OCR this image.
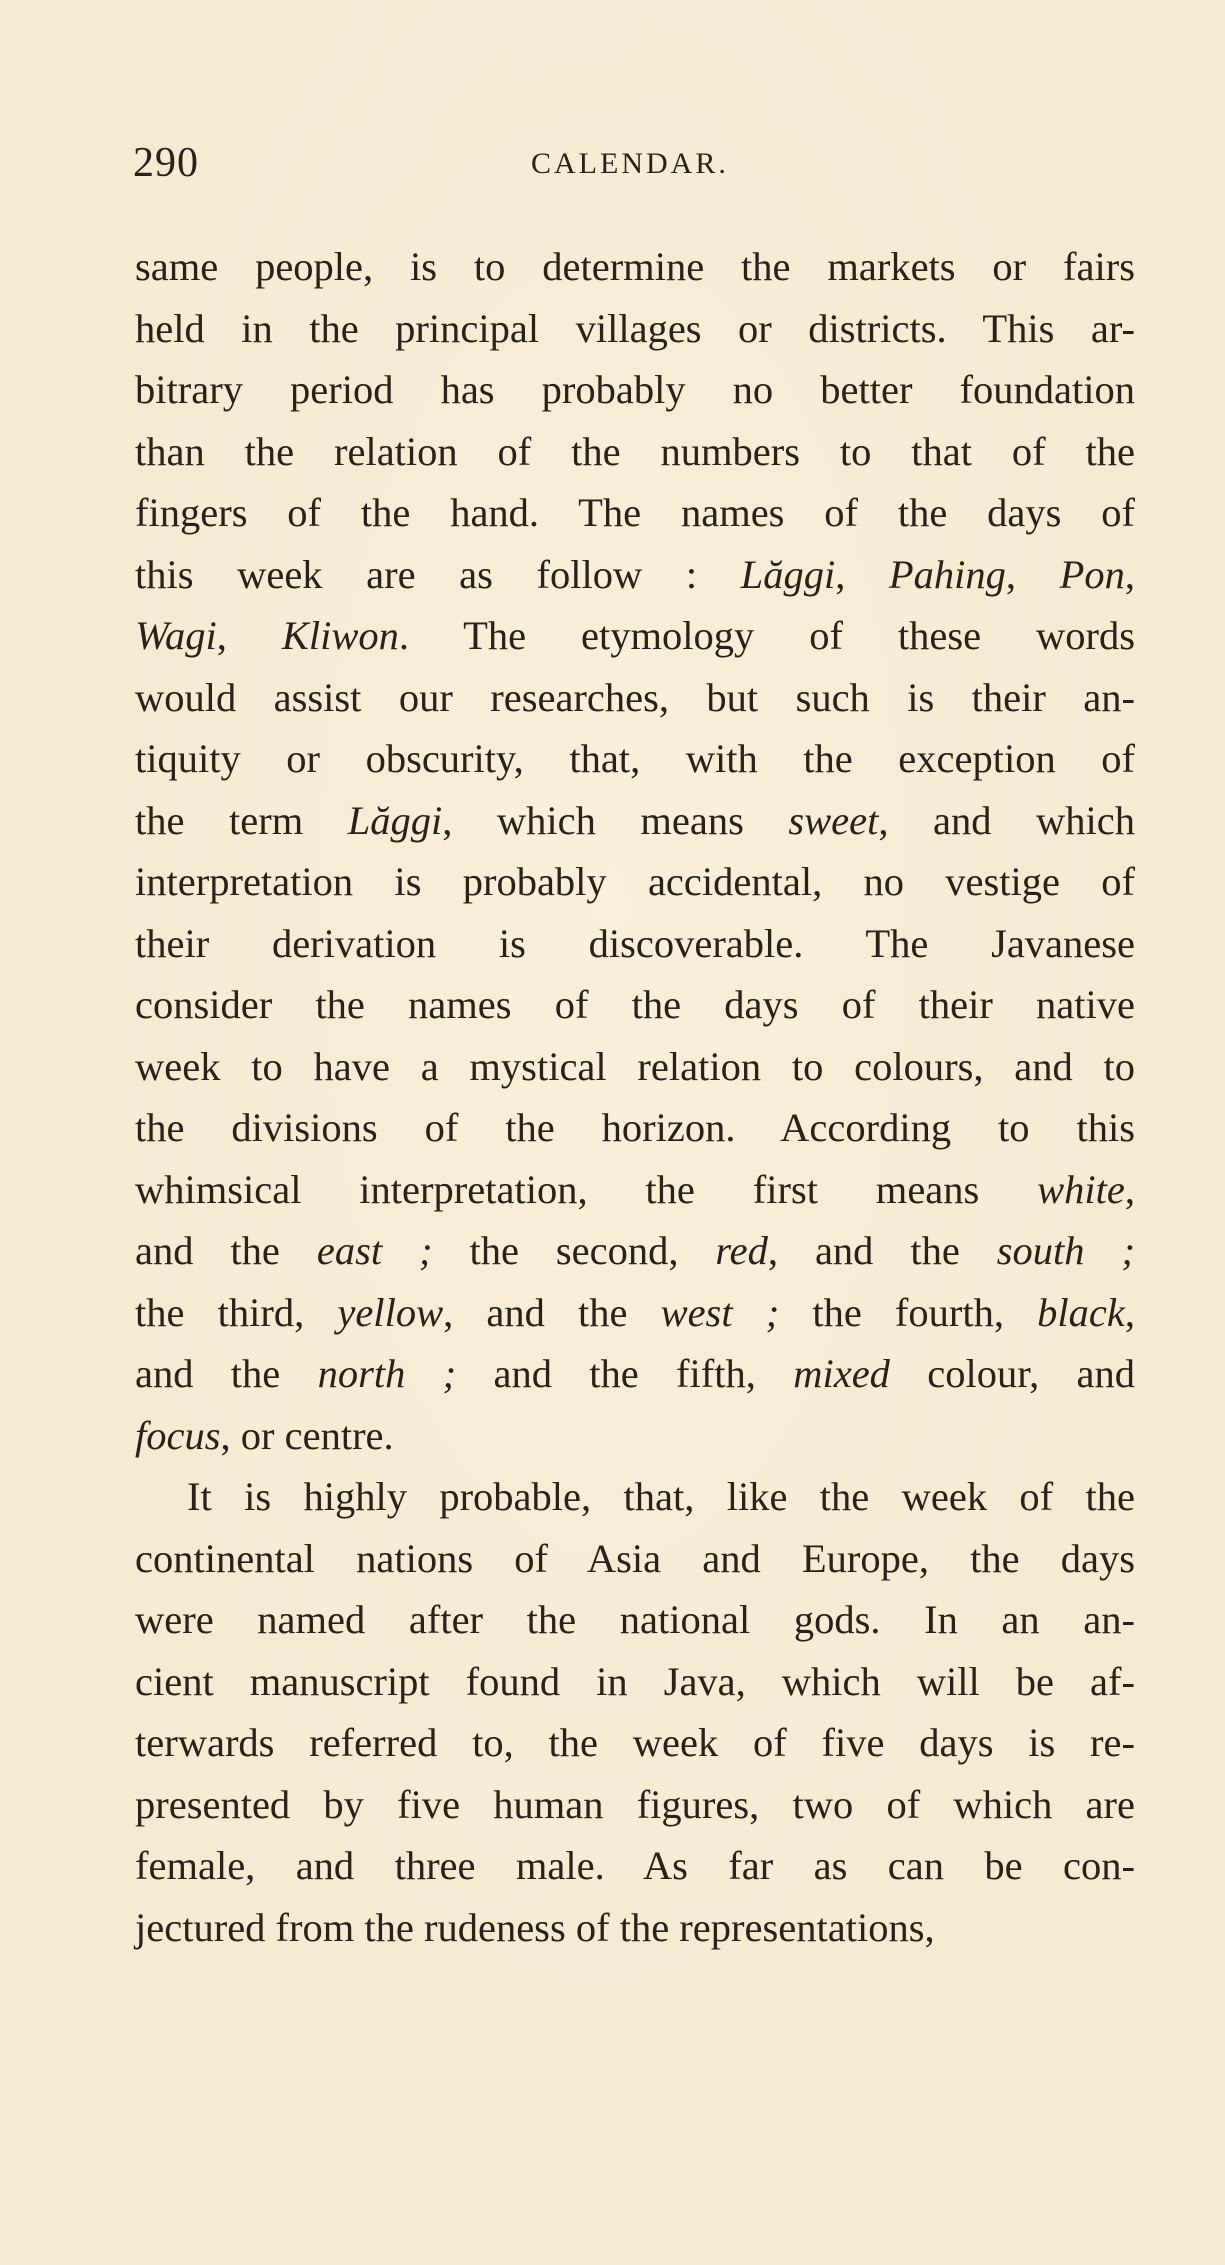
290	CALENDAR.
same people, is to determine the markets or fairs
held in the principal villages or districts. This ar-
bitrary period has probably no better foundation
than the relation of the numbers to that of the
fingers of the hand. The names of the days of
this week are as follow : Lăggi, Pahing, Pon,
Wagi, Kliwon. The etymology of these words
would assist our researches, but such is their an-
tiquity or obscurity, that, with the exception of
the term Lăggi, which means sweet, and which
interpretation is probably accidental, no vestige of
their derivation is discoverable. The Javanese
consider the names of the days of their native
week to have a mystical relation to colours, and to
the divisions of the horizon. According to this
whimsical interpretation, the first means white,
and the east ; the second, red, and the south ;
the third, yellow, and the west ; the fourth, black,
and the north ; and the fifth, mixed colour, and
focus, or centre.
It is highly probable, that, like the week of the
continental nations of Asia and Europe, the days
were named after the national gods. In an an-
cient manuscript found in Java, which will be af-
terwards referred to, the week of five days is re-
presented by five human figures, two of which are
female, and three male. As far as can be con-
jectured from the rudeness of the representations,
